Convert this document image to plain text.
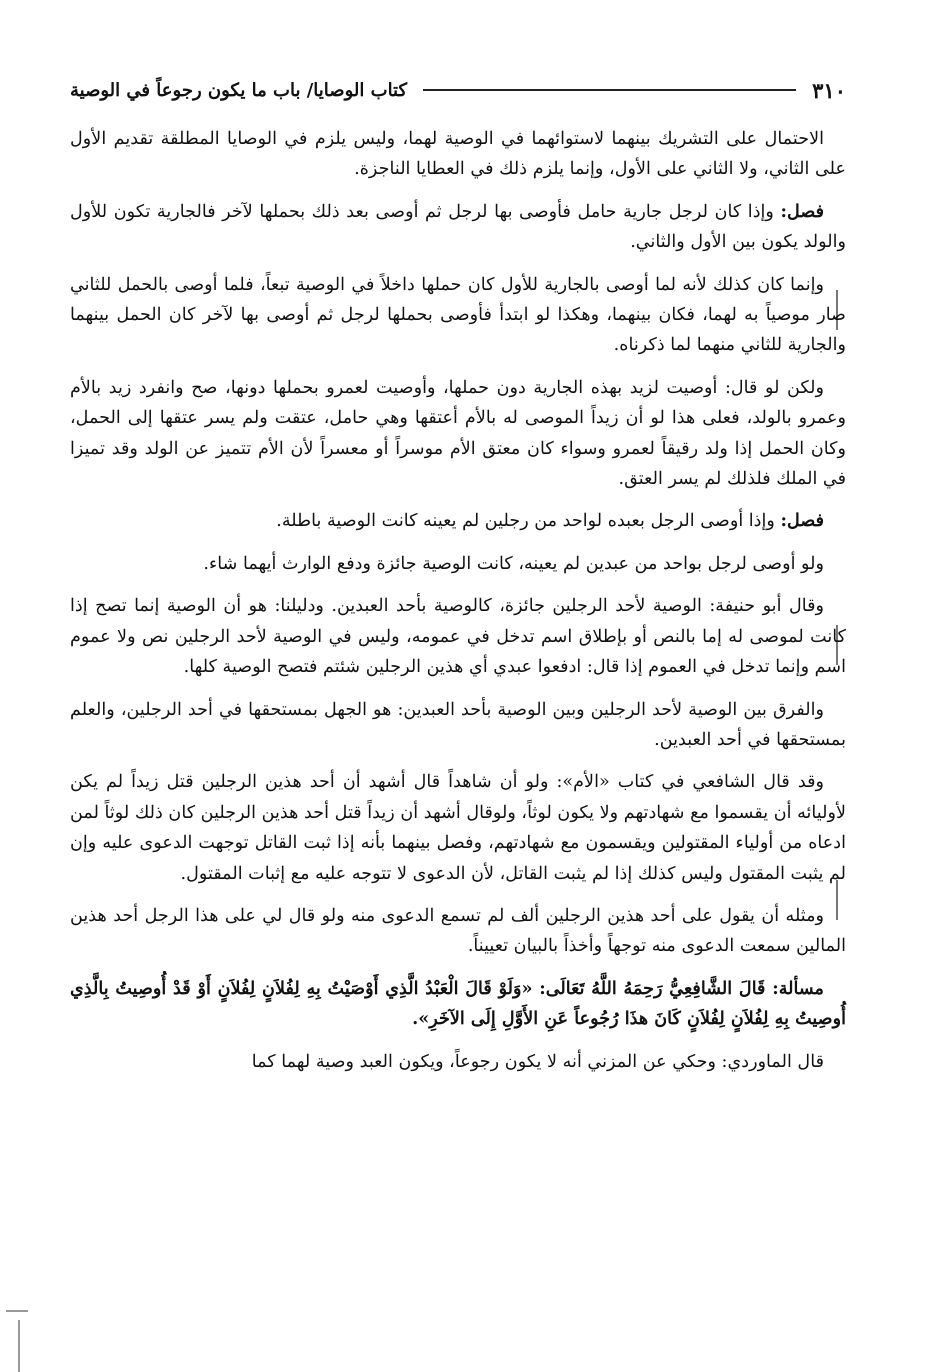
٣١٠
كتاب الوصايا/ باب ما يكون رجوعاً في الوصية

الاحتمال على التشريك بينهما لاستوائهما في الوصية لهما، وليس يلزم في الوصايا المطلقة تقديم الأول على الثاني، ولا الثاني على الأول، وإنما يلزم ذلك في العطايا الناجزة.

فصل: وإذا كان لرجل جارية حامل فأوصى بها لرجل ثم أوصى بعد ذلك بحملها لآخر فالجارية تكون للأول والولد يكون بين الأول والثاني.

وإنما كان كذلك لأنه لما أوصى بالجارية للأول كان حملها داخلاً في الوصية تبعاً، فلما أوصى بالحمل للثاني صار موصياً به لهما، فكان بينهما، وهكذا لو ابتدأ فأوصى بحملها لرجل ثم أوصى بها لآخر كان الحمل بينهما والجارية للثاني منهما لما ذكرناه.

ولكن لو قال: أوصيت لزيد بهذه الجارية دون حملها، وأوصيت لعمرو بحملها دونها، صح وانفرد زيد بالأم وعمرو بالولد، فعلى هذا لو أن زيداً الموصى له بالأم أعتقها وهي حامل، عتقت ولم يسر عتقها إلى الحمل، وكان الحمل إذا ولد رقيقاً لعمرو وسواء كان معتق الأم موسراً أو معسراً لأن الأم تتميز عن الولد وقد تميزا في الملك فلذلك لم يسر العتق.

فصل: وإذا أوصى الرجل بعبده لواحد من رجلين لم يعينه كانت الوصية باطلة.

ولو أوصى لرجل بواحد من عبدين لم يعينه، كانت الوصية جائزة ودفع الوارث أيهما شاء.

وقال أبو حنيفة: الوصية لأحد الرجلين جائزة، كالوصية بأحد العبدين. ودليلنا: هو أن الوصية إنما تصح إذا كانت لموصى له إما بالنص أو بإطلاق اسم تدخل في عمومه، وليس في الوصية لأحد الرجلين نص ولا عموم اسم وإنما تدخل في العموم إذا قال: ادفعوا عبدي أي هذين الرجلين شئتم فتصح الوصية كلها.

والفرق بين الوصية لأحد الرجلين وبين الوصية بأحد العبدين: هو الجهل بمستحقها في أحد الرجلين، والعلم بمستحقها في أحد العبدين.

وقد قال الشافعي في كتاب «الأم»: ولو أن شاهداً قال أشهد أن أحد هذين الرجلين قتل زيداً لم يكن لأوليائه أن يقسموا مع شهادتهم ولا يكون لوثاً، ولوقال أشهد أن زيداً قتل أحد هذين الرجلين كان ذلك لوثاً لمن ادعاه من أولياء المقتولين ويقسمون مع شهادتهم، وفصل بينهما بأنه إذا ثبت القاتل توجهت الدعوى عليه وإن لم يثبت المقتول وليس كذلك إذا لم يثبت القاتل، لأن الدعوى لا تتوجه عليه مع إثبات المقتول.

ومثله أن يقول على أحد هذين الرجلين ألف لم تسمع الدعوى منه ولو قال لي على هذا الرجل أحد هذين المالين سمعت الدعوى منه توجهاً وأخذاً بالبيان تعييناً.

مسألة: قَالَ الشَّافِعِيُّ رَحِمَهُ اللَّهُ تَعَالَى: «وَلَوْ قَالَ الْعَبْدُ الَّذِي أَوْصَيْتُ بِهِ لِفُلاَنٍ لِفُلاَنٍ أَوْ قَدْ أُوصِيتُ بِالَّذِي أُوصِيتُ بِهِ لِفُلاَنٍ لِفُلاَنٍ كَانَ هذَا رُجُوعاً عَنِ الأَوَّلِ إِلَى الآخَرِ».

قال الماوردي: وحكي عن المزني أنه لا يكون رجوعاً، ويكون العبد وصية لهما كما
